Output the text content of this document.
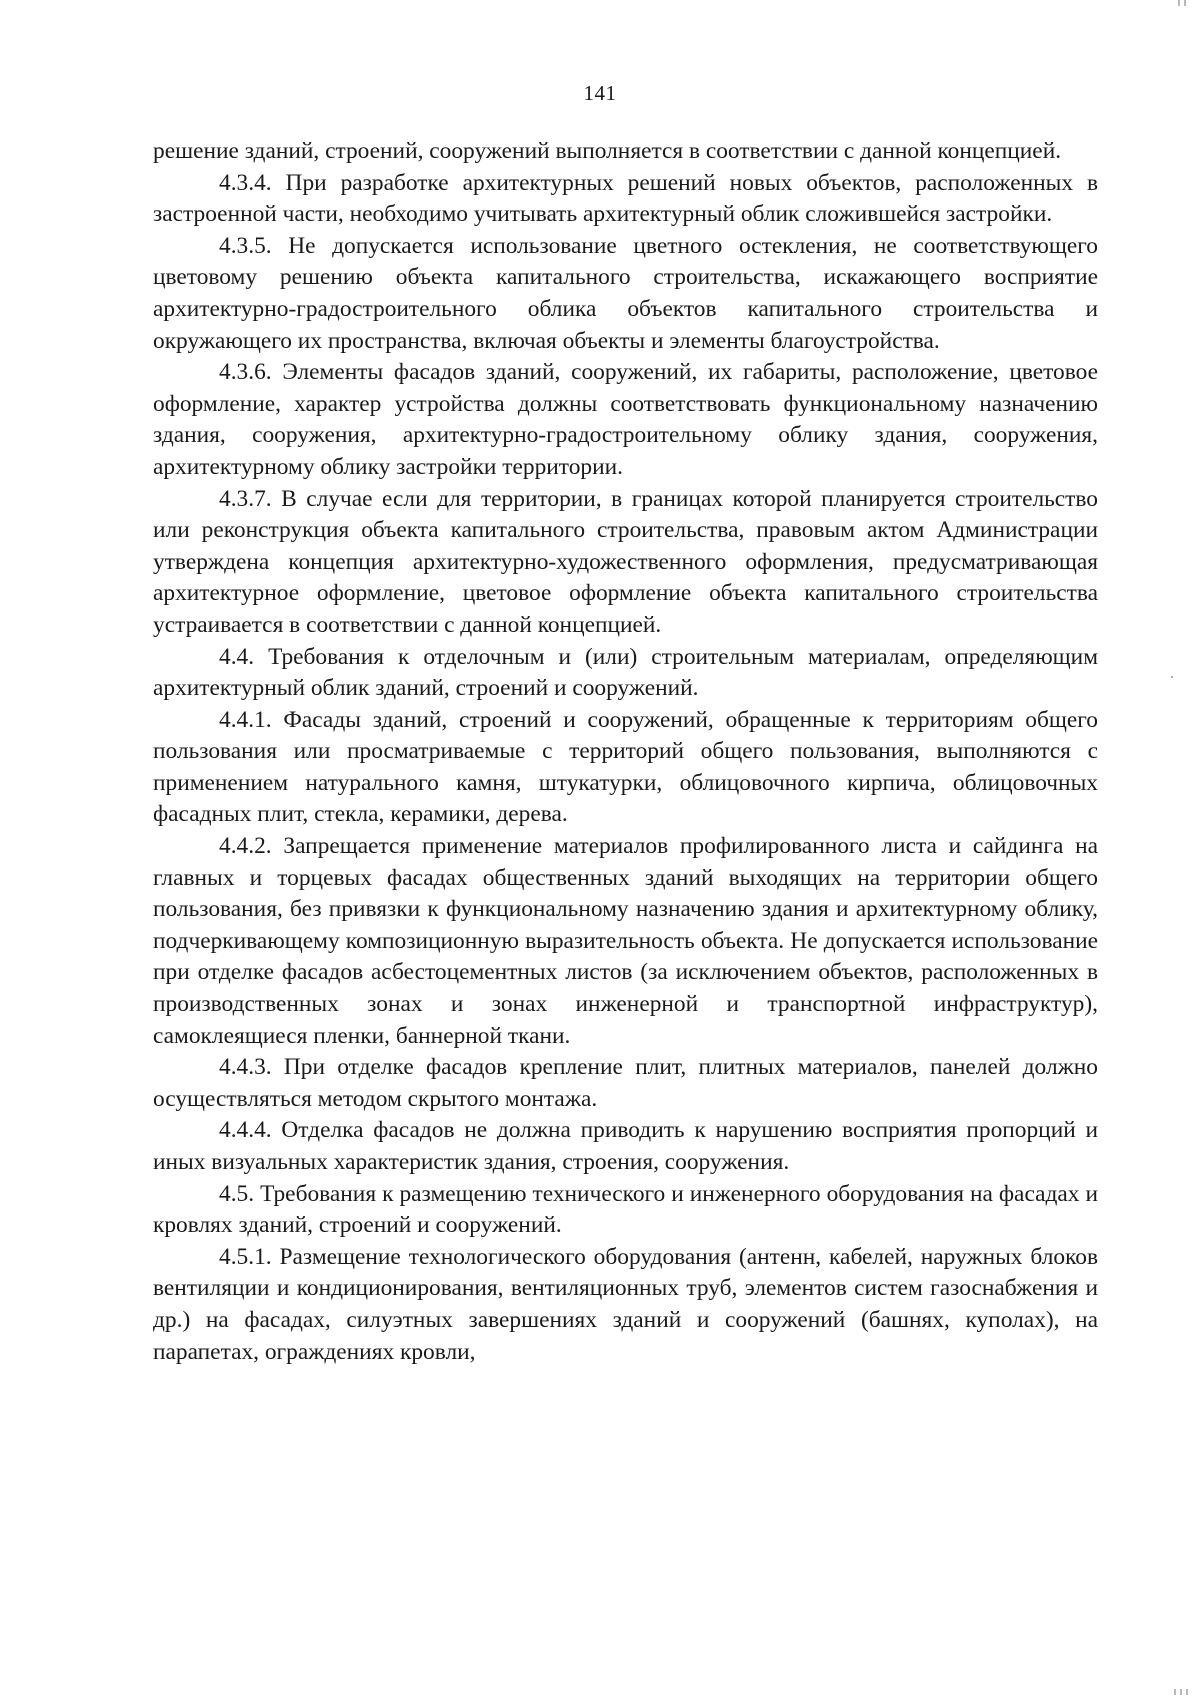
141

решение зданий, строений, сооружений выполняется в соответствии с данной концепцией.

4.3.4. При разработке архитектурных решений новых объектов, расположенных в застроенной части, необходимо учитывать архитектурный облик сложившейся застройки.

4.3.5. Не допускается использование цветного остекления, не соответствующего цветовому решению объекта капитального строительства, искажающего восприятие архитектурно-градостроительного облика объектов капитального строительства и окружающего их пространства, включая объекты и элементы благоустройства.

4.3.6. Элементы фасадов зданий, сооружений, их габариты, расположение, цветовое оформление, характер устройства должны соответствовать функциональному назначению здания, сооружения, архитектурно-градостроительному облику здания, сооружения, архитектурному облику застройки территории.

4.3.7. В случае если для территории, в границах которой планируется строительство или реконструкция объекта капитального строительства, правовым актом Администрации утверждена концепция архитектурно-художественного оформления, предусматривающая архитектурное оформление, цветовое оформление объекта капитального строительства устраивается в соответствии с данной концепцией.

4.4. Требования к отделочным и (или) строительным материалам, определяющим архитектурный облик зданий, строений и сооружений.

4.4.1. Фасады зданий, строений и сооружений, обращенные к территориям общего пользования или просматриваемые с территорий общего пользования, выполняются с применением натурального камня, штукатурки, облицовочного кирпича, облицовочных фасадных плит, стекла, керамики, дерева.

4.4.2. Запрещается применение материалов профилированного листа и сайдинга на главных и торцевых фасадах общественных зданий выходящих на территории общего пользования, без привязки к функциональному назначению здания и архитектурному облику, подчеркивающему композиционную выразительность объекта. Не допускается использование при отделке фасадов асбестоцементных листов (за исключением объектов, расположенных в производственных зонах и зонах инженерной и транспортной инфраструктур), самоклеящиеся пленки, баннерной ткани.

4.4.3. При отделке фасадов крепление плит, плитных материалов, панелей должно осуществляться методом скрытого монтажа.

4.4.4. Отделка фасадов не должна приводить к нарушению восприятия пропорций и иных визуальных характеристик здания, строения, сооружения.

4.5. Требования к размещению технического и инженерного оборудования на фасадах и кровлях зданий, строений и сооружений.

4.5.1. Размещение технологического оборудования (антенн, кабелей, наружных блоков вентиляции и кондиционирования, вентиляционных труб, элементов систем газоснабжения и др.) на фасадах, силуэтных завершениях зданий и сооружений (башнях, куполах), на парапетах, ограждениях кровли,
